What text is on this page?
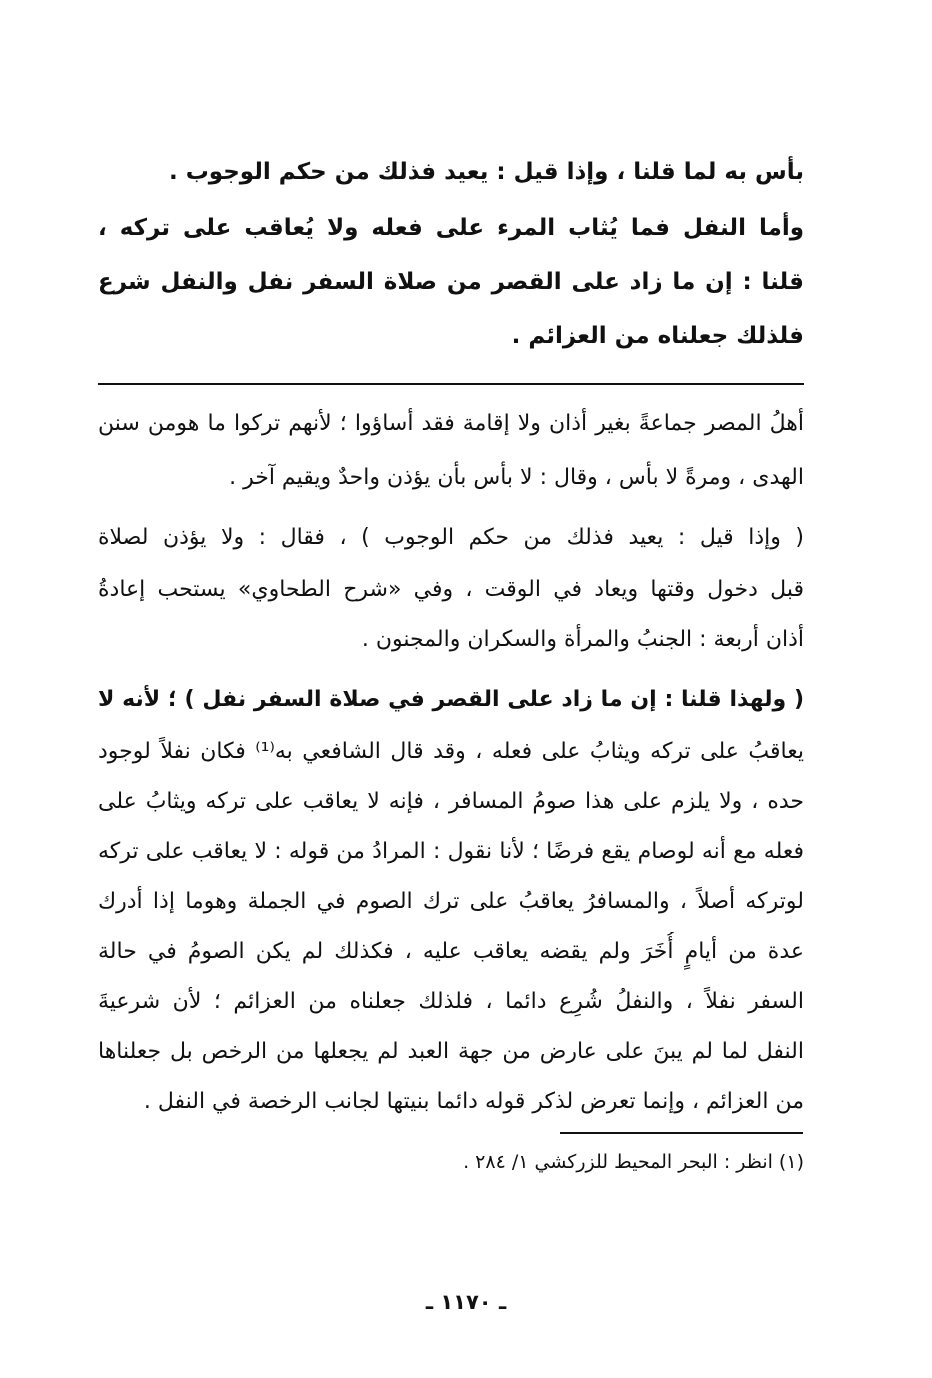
بأس به لما قلنا ، وإذا قيل : يعيد فذلك من حكم الوجوب .
وأما النفل فما يُثاب المرء على فعله ولا يُعاقب على تركه ،
قلنا : إن ما زاد على القصر من صلاة السفر نفل والنفل شرع
فلذلك جعلناه من العزائم .
أهلُ المصر جماعةً بغير أذان ولا إقامة فقد أساؤوا ؛ لأنهم تركوا ما هومن سنن
الهدى ، ومرةً لا بأس ، وقال : لا بأس بأن يؤذن واحدٌ ويقيم آخر .
( وإذا قيل : يعيد فذلك من حكم الوجوب ) ، فقال : ولا يؤذن لصلاة
قبل دخول وقتها ويعاد في الوقت ، وفي «شرح الطحاوي» يستحب إعادةُ
أذان أربعة : الجنبُ والمرأة والسكران والمجنون .
( ولهذا قلنا : إن ما زاد على القصر في صلاة السفر نفل ) ؛ لأنه لا
يعاقبُ على تركه ويثابُ على فعله ، وقد قال الشافعي به⁽¹⁾ فكان نفلاً لوجود
حده ، ولا يلزم على هذا صومُ المسافر ، فإنه لا يعاقب على تركه ويثابُ على
فعله مع أنه لوصام يقع فرضًا ؛ لأنا نقول : المرادُ من قوله : لا يعاقب على تركه
لوتركه أصلاً ، والمسافرُ يعاقبُ على ترك الصوم في الجملة وهوما إذا أدرك
عدة من أيامٍ أُخَرَ ولم يقضه يعاقب عليه ، فكذلك لم يكن الصومُ في حالة
السفر نفلاً ، والنفلُ شُرِع دائما ، فلذلك جعلناه من العزائم ؛ لأن شرعيةَ
النفل لما لم يبنَ على عارض من جهة العبد لم يجعلها من الرخص بل جعلناها
من العزائم ، وإنما تعرض لذكر قوله دائما بنيتها لجانب الرخصة في النفل .
(١) انظر : البحر المحيط للزركشي ١/ ٢٨٤ .
ـ ١١٧٠ ـ
